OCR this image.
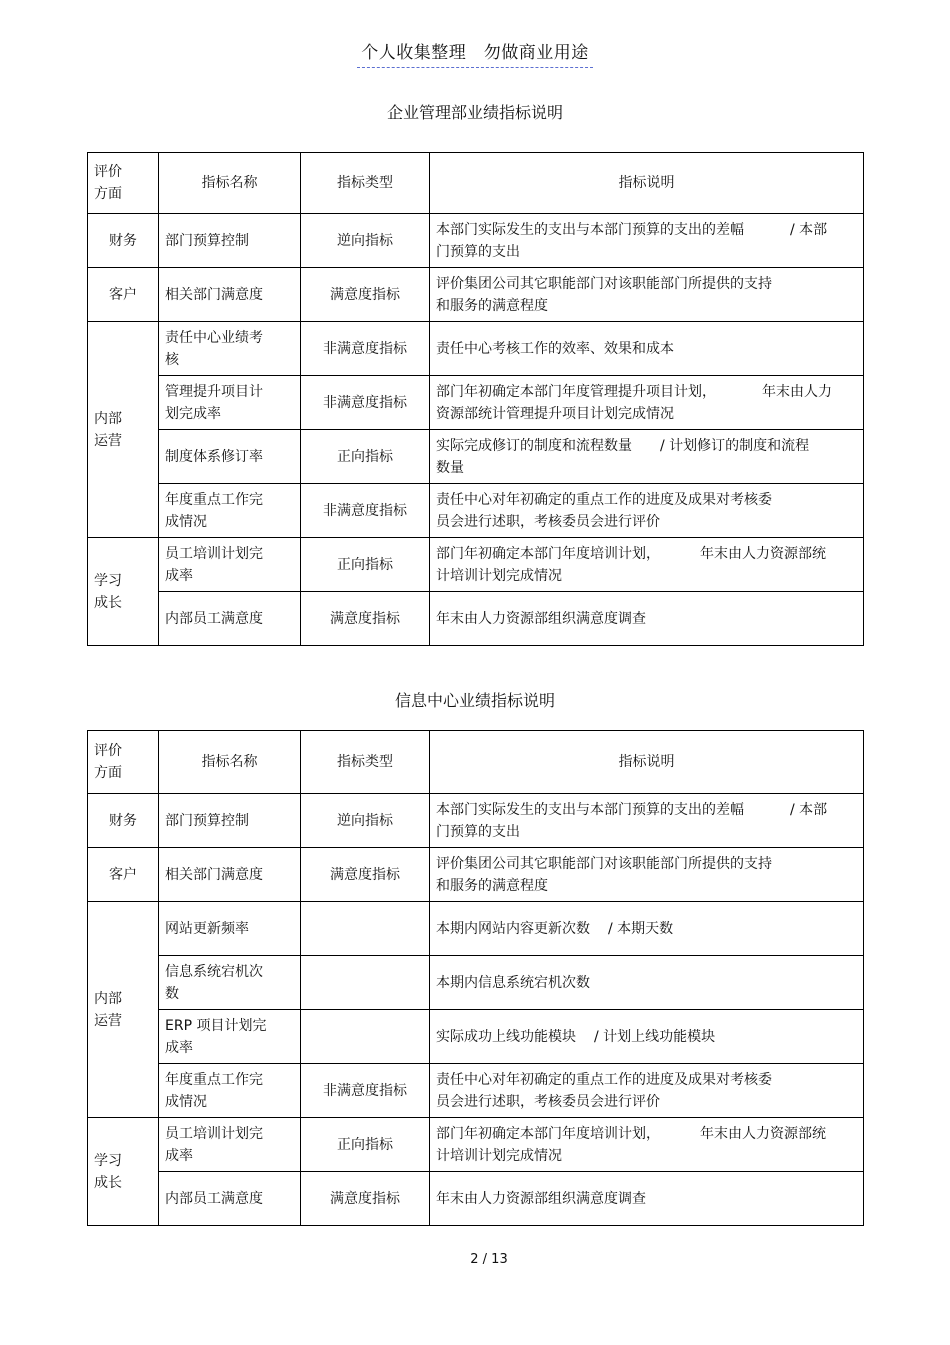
个人收集整理　勿做商业用途
企业管理部业绩指标说明
评价
方面	指标名称	指标类型	指标说明
财务	部门预算控制	逆向指标	本部门实际发生的支出与本部门预算的支出的差幅 / 本部
门预算的支出
客户	相关部门满意度	满意度指标	评价集团公司其它职能部门对该职能部门所提供的支持
和服务的满意程度
内部
运营	责任中心业绩考
核	非满意度指标	责任中心考核工作的效率、效果和成本
	管理提升项目计
划完成率	非满意度指标	部门年初确定本部门年度管理提升项目计划， 年末由人力
资源部统计管理提升项目计划完成情况
	制度体系修订率	正向指标	实际完成修订的制度和流程数量 / 计划修订的制度和流程
数量
	年度重点工作完
成情况	非满意度指标	责任中心对年初确定的重点工作的进度及成果对考核委
员会进行述职，考核委员会进行评价
学习
成长	员工培训计划完
成率	正向指标	部门年初确定本部门年度培训计划， 年末由人力资源部统
计培训计划完成情况
	内部员工满意度	满意度指标	年末由人力资源部组织满意度调查
信息中心业绩指标说明
评价
方面	指标名称	指标类型	指标说明
财务	部门预算控制	逆向指标	本部门实际发生的支出与本部门预算的支出的差幅 / 本部
门预算的支出
客户	相关部门满意度	满意度指标	评价集团公司其它职能部门对该职能部门所提供的支持
和服务的满意程度
内部
运营	网站更新频率		本期内网站内容更新次数 / 本期天数
	信息系统宕机次
数		本期内信息系统宕机次数
	ERP 项目计划完
成率		实际成功上线功能模块 / 计划上线功能模块
	年度重点工作完
成情况	非满意度指标	责任中心对年初确定的重点工作的进度及成果对考核委
员会进行述职，考核委员会进行评价
学习
成长	员工培训计划完
成率	正向指标	部门年初确定本部门年度培训计划， 年末由人力资源部统
计培训计划完成情况
	内部员工满意度	满意度指标	年末由人力资源部组织满意度调查
2 / 13
